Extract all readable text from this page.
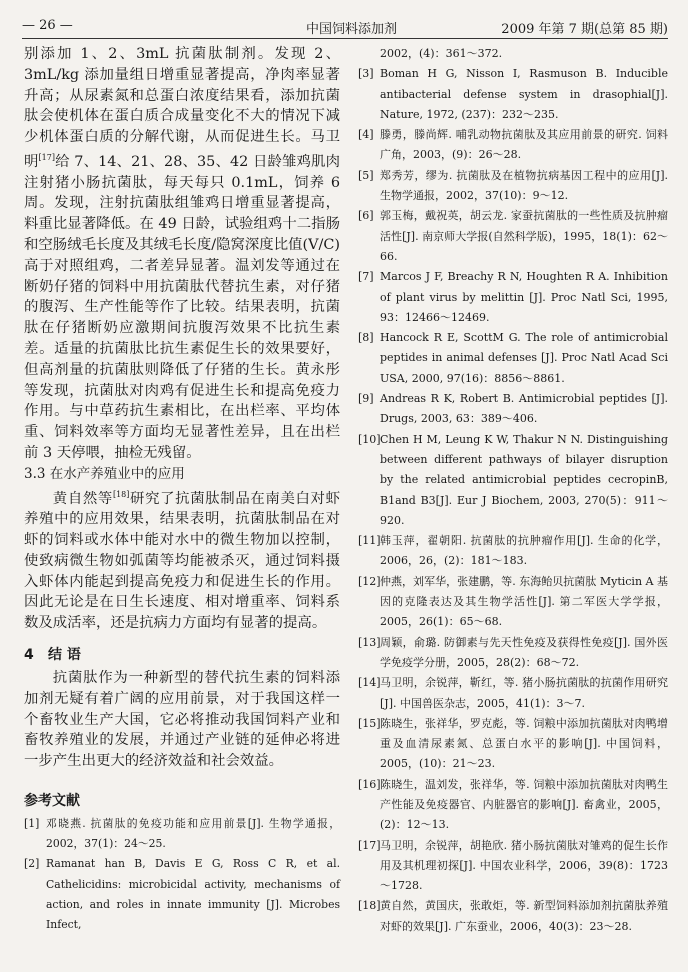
— 26 —	中国饲料添加剂	2009 年第 7 期(总第 85 期)

别添加 1、2、3mL 抗菌肽制剂。发现 2、3mL/kg 添加量组日增重显著提高，净肉率显著升高；从尿素氮和总蛋白浓度结果看，添加抗菌肽会使机体在蛋白质合成量变化不大的情况下减少机体蛋白质的分解代谢，从而促进生长。马卫明[17]给 7、14、21、28、35、42 日龄雏鸡肌肉注射猪小肠抗菌肽，每天每只 0.1mL，饲养 6 周。发现，注射抗菌肽组雏鸡日增重显著提高，料重比显著降低。在 49 日龄，试验组鸡十二指肠和空肠绒毛长度及其绒毛长度/隐窝深度比值(V/C)高于对照组鸡，二者差异显著。温刘发等通过在断奶仔猪的饲料中用抗菌肽代替抗生素，对仔猪的腹泻、生产性能等作了比较。结果表明，抗菌肽在仔猪断奶应激期间抗腹泻效果不比抗生素差。适量的抗菌肽比抗生素促生长的效果要好，但高剂量的抗菌肽则降低了仔猪的生长。黄永彤等发现，抗菌肽对肉鸡有促进生长和提高免疫力作用。与中草药抗生素相比，在出栏率、平均体重、饲料效率等方面均无显著性差异，且在出栏前 3 天停喂，抽检无残留。

3.3 在水产养殖业中的应用

黄自然等[18]研究了抗菌肽制品在南美白对虾养殖中的应用效果，结果表明，抗菌肽制品在对虾的饲料或水体中能对水中的微生物加以控制，使致病微生物如弧菌等均能被杀灭，通过饲料摄入虾体内能起到提高免疫力和促进生长的作用。因此无论是在日生长速度、相对增重率、饲料系数及成活率，还是抗病力方面均有显著的提高。

4 结 语

抗菌肽作为一种新型的替代抗生素的饲料添加剂无疑有着广阔的应用前景，对于我国这样一个畜牧业生产大国，它必将推动我国饲料产业和畜牧养殖业的发展，并通过产业链的延伸必将进一步产生出更大的经济效益和社会效益。

参考文献

[1] 邓晓燕. 抗菌肽的免疫功能和应用前景[J]. 生物学通报，2002，37(1)：24～25.

[2] Ramanat han B, Davis E G, Ross C R, et al. Cathelicidins: microbicidal activity, mechanisms of action, and roles in innate immunity [J]. Microbes Infect,

2002，(4)：361～372.

[3] Boman H G, Nisson I, Rasmuson B. Inducible antibacterial defense system in drasophial[J]. Nature, 1972, (237)：232～235.

[4] 滕勇，滕尚辉. 哺乳动物抗菌肽及其应用前景的研究. 饲料广角，2003，(9)：26～28.

[5] 郑秀芳，缪为. 抗菌肽及在植物抗病基因工程中的应用[J]. 生物学通报，2002，37(10)：9～12.

[6] 郭玉梅，戴祝英，胡云龙. 家蚕抗菌肽的一些性质及抗肿瘤活性[J]. 南京师大学报(自然科学版)，1995，18(1)：62～66.

[7] Marcos J F, Breachy R N, Houghten R A. Inhibition of plant virus by melittin [J]. Proc Natl Sci, 1995, 93：12466～12469.

[8] Hancock R E, ScottM G. The role of antimicrobial peptides in animal defenses [J]. Proc Natl Acad Sci USA, 2000, 97(16)：8856～8861.

[9] Andreas R K, Robert B. Antimicrobial peptides [J]. Drugs, 2003, 63：389～406.

[10] Chen H M, Leung K W, Thakur N N. Distinguishing between different pathways of bilayer disruption by the related antimicrobial peptides cecropinB, B1and B3[J]. Eur J Biochem, 2003, 270(5)：911～920.

[11] 韩玉萍，翟朝阳. 抗菌肽的抗肿瘤作用[J]. 生命的化学，2006，26，(2)：181～183.

[12] 仲燕，刘军华，张建鹏，等. 东海鲐贝抗菌肽 Myticin A 基因的克隆表达及其生物学活性[J]. 第二军医大学学报，2005，26(1)：65～68.

[13] 周颖，俞璐. 防御素与先天性免疫及获得性免疫[J]. 国外医学免疫学分册，2005，28(2)：68～72.

[14] 马卫明，余锐萍，靳红，等. 猪小肠抗菌肽的抗菌作用研究[J]. 中国兽医杂志，2005，41(1)：3～7.

[15] 陈晓生，张祥华，罗克彪，等. 饲粮中添加抗菌肽对肉鸭增重及血清尿素氮、总蛋白水平的影响[J]. 中国饲料，2005，(10)：21～23.

[16] 陈晓生，温刘发，张祥华，等. 饲粮中添加抗菌肽对肉鸭生产性能及免疫器官、内脏器官的影响[J]. 畜禽业，2005，(2)：12～13.

[17] 马卫明，余锐萍，胡艳欣. 猪小肠抗菌肽对雏鸡的促生长作用及其机理初探[J]. 中国农业科学，2006，39(8)：1723～1728.

[18] 黄自然，黄国庆，张敢炬，等. 新型饲料添加剂抗菌肽养殖对虾的效果[J]. 广东蚕业，2006，40(3)：23～28.
